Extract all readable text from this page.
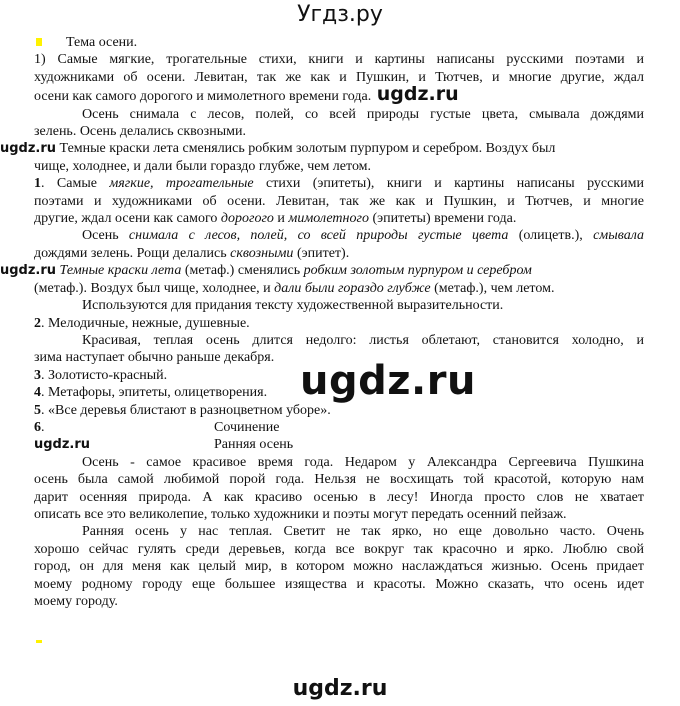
Угдз.ру
Тема осени.
1) Самые мягкие, трогательные стихи, книги и картины написаны русскими поэтами и
художниками об осени. Левитан, так же как и Пушкин, и Тютчев, и многие другие, ждал
осени как самого дорогого и мимолетного времени года. ugdz.ru
Осень снимала с лесов, полей, со всей природы густые цвета, смывала дождями
зелень. Осень делались сквозными.
ugdz.ru Темные краски лета сменялись робким золотым пурпуром и серебром. Воздух был
чище, холоднее, и дали были гораздо глубже, чем летом.
1. Самые мягкие, трогательные стихи (эпитеты), книги и картины написаны русскими
поэтами и художниками об осени. Левитан, так же как и Пушкин, и Тютчев, и многие
другие, ждал осени как самого дорогого и мимолетного (эпитеты) времени года.
Осень снимала с лесов, полей, со всей природы густые цвета (олицетв.), смывала
дождями зелень. Рощи делались сквозными (эпитет).
ugdz.ru Темные краски лета (метаф.) сменялись робким золотым пурпуром и серебром
(метаф.). Воздух был чище, холоднее, и дали были гораздо глубже (метаф.), чем летом.
Используются для придания тексту художественной выразительности.
2. Мелодичные, нежные, душевные.
Красивая, теплая осень длится недолго: листья облетают, становится холодно, и
зима наступает обычно раньше декабря.
3. Золотисто-красный.
4. Метафоры, эпитеты, олицетворения.
5. «Все деревья блистают в разноцветном уборе».
6.	Сочинение
ugdz.ru	Ранняя осень
Осень - самое красивое время года. Недаром у Александра Сергеевича Пушкина
осень была самой любимой порой года. Нельзя не восхищать той красотой, которую нам
дарит осенняя природа. А как красиво осенью в лесу! Иногда просто слов не хватает
описать все это великолепие, только художники и поэты могут передать осенний пейзаж.
Ранняя осень у нас теплая. Светит не так ярко, но еще довольно часто. Очень
хорошо сейчас гулять среди деревьев, когда все вокруг так красочно и ярко. Люблю свой
город, он для меня как целый мир, в котором можно наслаждаться жизнью. Осень придает
моему родному городу еще большее изящества и красоты. Можно сказать, что осень идет
моему городу.
ugdz.ru
ugdz.ru
